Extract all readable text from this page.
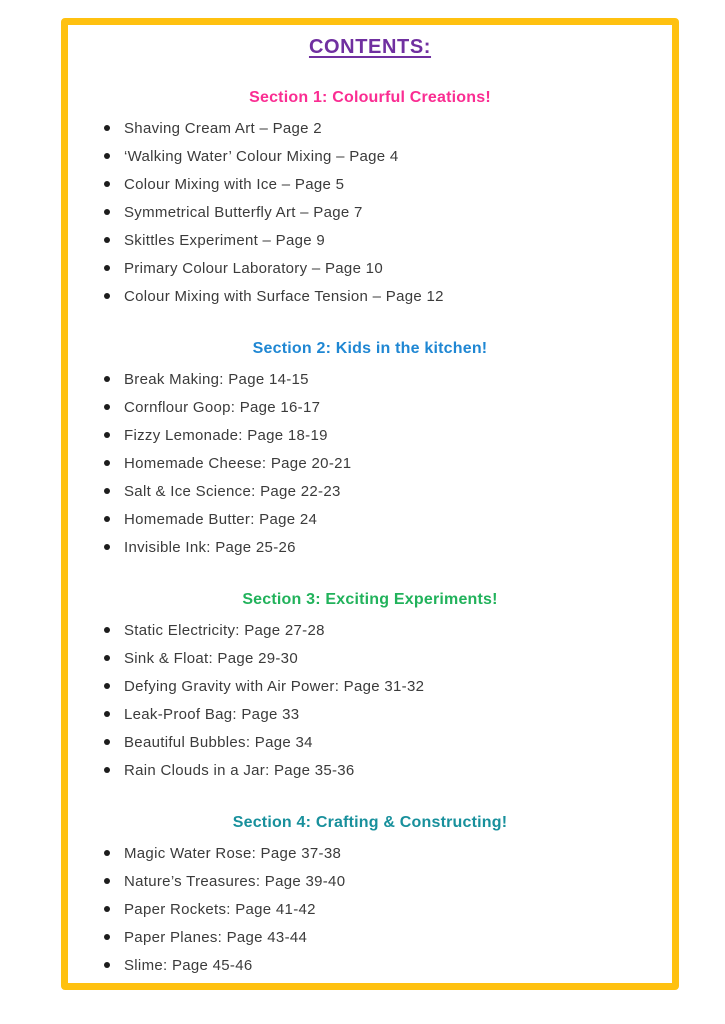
CONTENTS:
Section 1: Colourful Creations!
Shaving Cream Art – Page 2
‘Walking Water’ Colour Mixing – Page 4
Colour Mixing with Ice – Page 5
Symmetrical Butterfly Art – Page 7
Skittles Experiment – Page 9
Primary Colour Laboratory – Page 10
Colour Mixing with Surface Tension – Page 12
Section 2: Kids in the kitchen!
Break Making: Page 14-15
Cornflour Goop: Page 16-17
Fizzy Lemonade: Page 18-19
Homemade Cheese: Page 20-21
Salt & Ice Science: Page 22-23
Homemade Butter: Page 24
Invisible Ink: Page 25-26
Section 3: Exciting Experiments!
Static Electricity: Page 27-28
Sink & Float: Page 29-30
Defying Gravity with Air Power: Page 31-32
Leak-Proof Bag: Page 33
Beautiful Bubbles: Page 34
Rain Clouds in a Jar: Page 35-36
Section 4: Crafting & Constructing!
Magic Water Rose: Page 37-38
Nature’s Treasures: Page 39-40
Paper Rockets: Page 41-42
Paper Planes: Page 43-44
Slime: Page 45-46
